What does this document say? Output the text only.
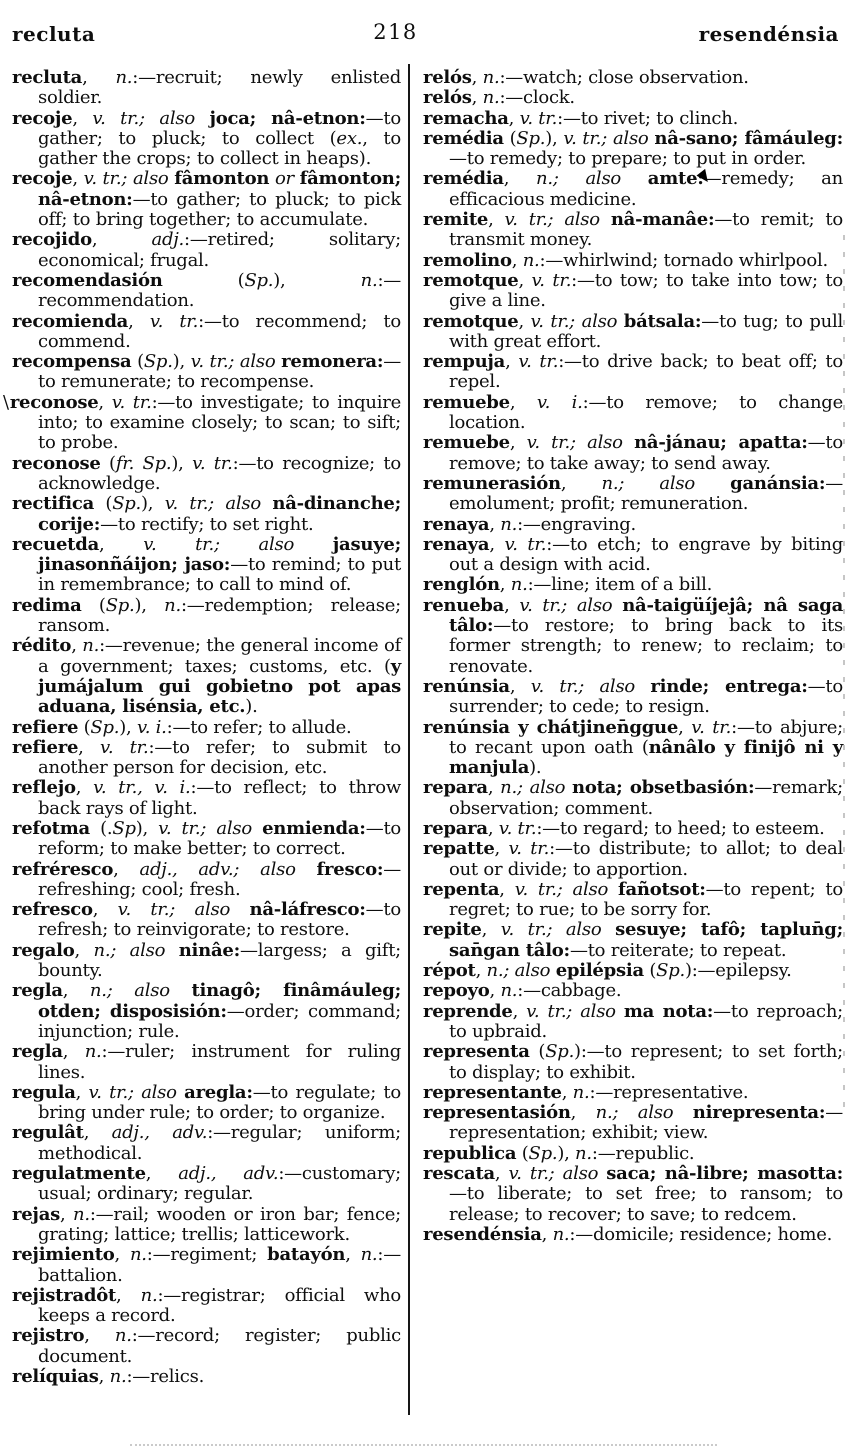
recluta	218	resendénsia

recluta, n.:—recruit; newly enlisted soldier.

recoje, v. tr.; also joca; nâ-etnon:—to gather; to pluck; to collect (ex., to gather the crops; to collect in heaps).

recoje, v. tr.; also fâmonton or fâmonton; nâ-etnon:—to gather; to pluck; to pick off; to bring together; to accumulate.

recojido, adj.:—retired; solitary; economical; frugal.

recomendasión (Sp.), n.:—recommendation.

recomienda, v. tr.:—to recommend; to commend.

recompensa (Sp.), v. tr.; also remonera:—to remunerate; to recompense.

\reconose, v. tr.:—to investigate; to inquire into; to examine closely; to scan; to sift; to probe.

reconose (fr. Sp.), v. tr.:—to recognize; to acknowledge.

rectifica (Sp.), v. tr.; also nâ-dinanche; corije:—to rectify; to set right.

recuetda, v. tr.; also jasuye; jinasonñáijon; jaso:—to remind; to put in remembrance; to call to mind of.

redima (Sp.), n.:—redemption; release; ransom.

rédito, n.:—revenue; the general income of a government; taxes; customs, etc. (y jumájalum gui gobietno pot apas aduana, lisénsia, etc.).

refiere (Sp.), v. i.:—to refer; to allude.

refiere, v. tr.:—to refer; to submit to another person for decision, etc.

reflejo, v. tr., v. i.:—to reflect; to throw back rays of light.

refotma (.Sp), v. tr.; also enmienda:—to reform; to make better; to correct.

refréresco, adj., adv.; also fresco:—refreshing; cool; fresh.

refresco, v. tr.; also nâ-láfresco:—to refresh; to reinvigorate; to restore.

regalo, n.; also ninâe:—largess; a gift; bounty.

regla, n.; also tinagô; finâmáuleg; otden; disposisión:—order; command; injunction; rule.

regla, n.:—ruler; instrument for ruling lines.

regula, v. tr.; also aregla:—to regulate; to bring under rule; to order; to organize.

regulât, adj., adv.:—regular; uniform; methodical.

regulatmente, adj., adv.:—customary; usual; ordinary; regular.

rejas, n.:—rail; wooden or iron bar; fence; grating; lattice; trellis; latticework.

rejimiento, n.:—regiment; batayón, n.:—battalion.

rejistradôt, n.:—registrar; official who keeps a record.

rejistro, n.:—record; register; public document.

relíquias, n.:—relics.

relós, n.:—watch; close observation.

relós, n.:—clock.

remacha, v. tr.:—to rivet; to clinch.

remédia (Sp.), v. tr.; also nâ-sano; fâmáuleg:—to remedy; to prepare; to put in order.

remédia, n.; also amte:—remedy; an efficacious medicine.

remite, v. tr.; also nâ-manâe:—to remit; to transmit money.

remolino, n.:—whirlwind; tornado whirlpool.

remotque, v. tr.:—to tow; to take into tow; to give a line.

remotque, v. tr.; also bátsala:—to tug; to pull with great effort.

rempuja, v. tr.:—to drive back; to beat off; to repel.

remuebe, v. i.:—to remove; to change location.

remuebe, v. tr.; also nâ-jánau; apatta:—to remove; to take away; to send away.

remunerasión, n.; also ganánsia:—emolument; profit; remuneration.

renaya, n.:—engraving.

renaya, v. tr.:—to etch; to engrave by biting out a design with acid.

renglón, n.:—line; item of a bill.

renueba, v. tr.; also nâ-taigüíjejâ; nâ saga tâlo:—to restore; to bring back to its former strength; to renew; to reclaim; to renovate.

renúnsia, v. tr.; also rinde; entrega:—to surrender; to cede; to resign.

renúnsia y chátjinen̄ggue, v. tr.:—to abjure; to recant upon oath (nânâlo y finijô ni y manjula).

repara, n.; also nota; obsetbasión:—remark; observation; comment.

repara, v. tr.:—to regard; to heed; to esteem.

repatte, v. tr.:—to distribute; to allot; to deal out or divide; to apportion.

repenta, v. tr.; also fañotsot:—to repent; to regret; to rue; to be sorry for.

repite, v. tr.; also sesuye; tafô; taplun̄g; san̄gan tâlo:—to reiterate; to repeat.

répot, n.; also epilépsia (Sp.):—epilepsy.

repoyo, n.:—cabbage.

reprende, v. tr.; also ma nota:—to reproach; to upbraid.

representa (Sp.):—to represent; to set forth; to display; to exhibit.

representante, n.:—representative.

representasión, n.; also nirepresenta:—representation; exhibit; view.

republica (Sp.), n.:—republic.

rescata, v. tr.; also saca; nâ-libre; masotta:—to liberate; to set free; to ransom; to release; to recover; to save; to redcem.

resendénsia, n.:—domicile; residence; home.
